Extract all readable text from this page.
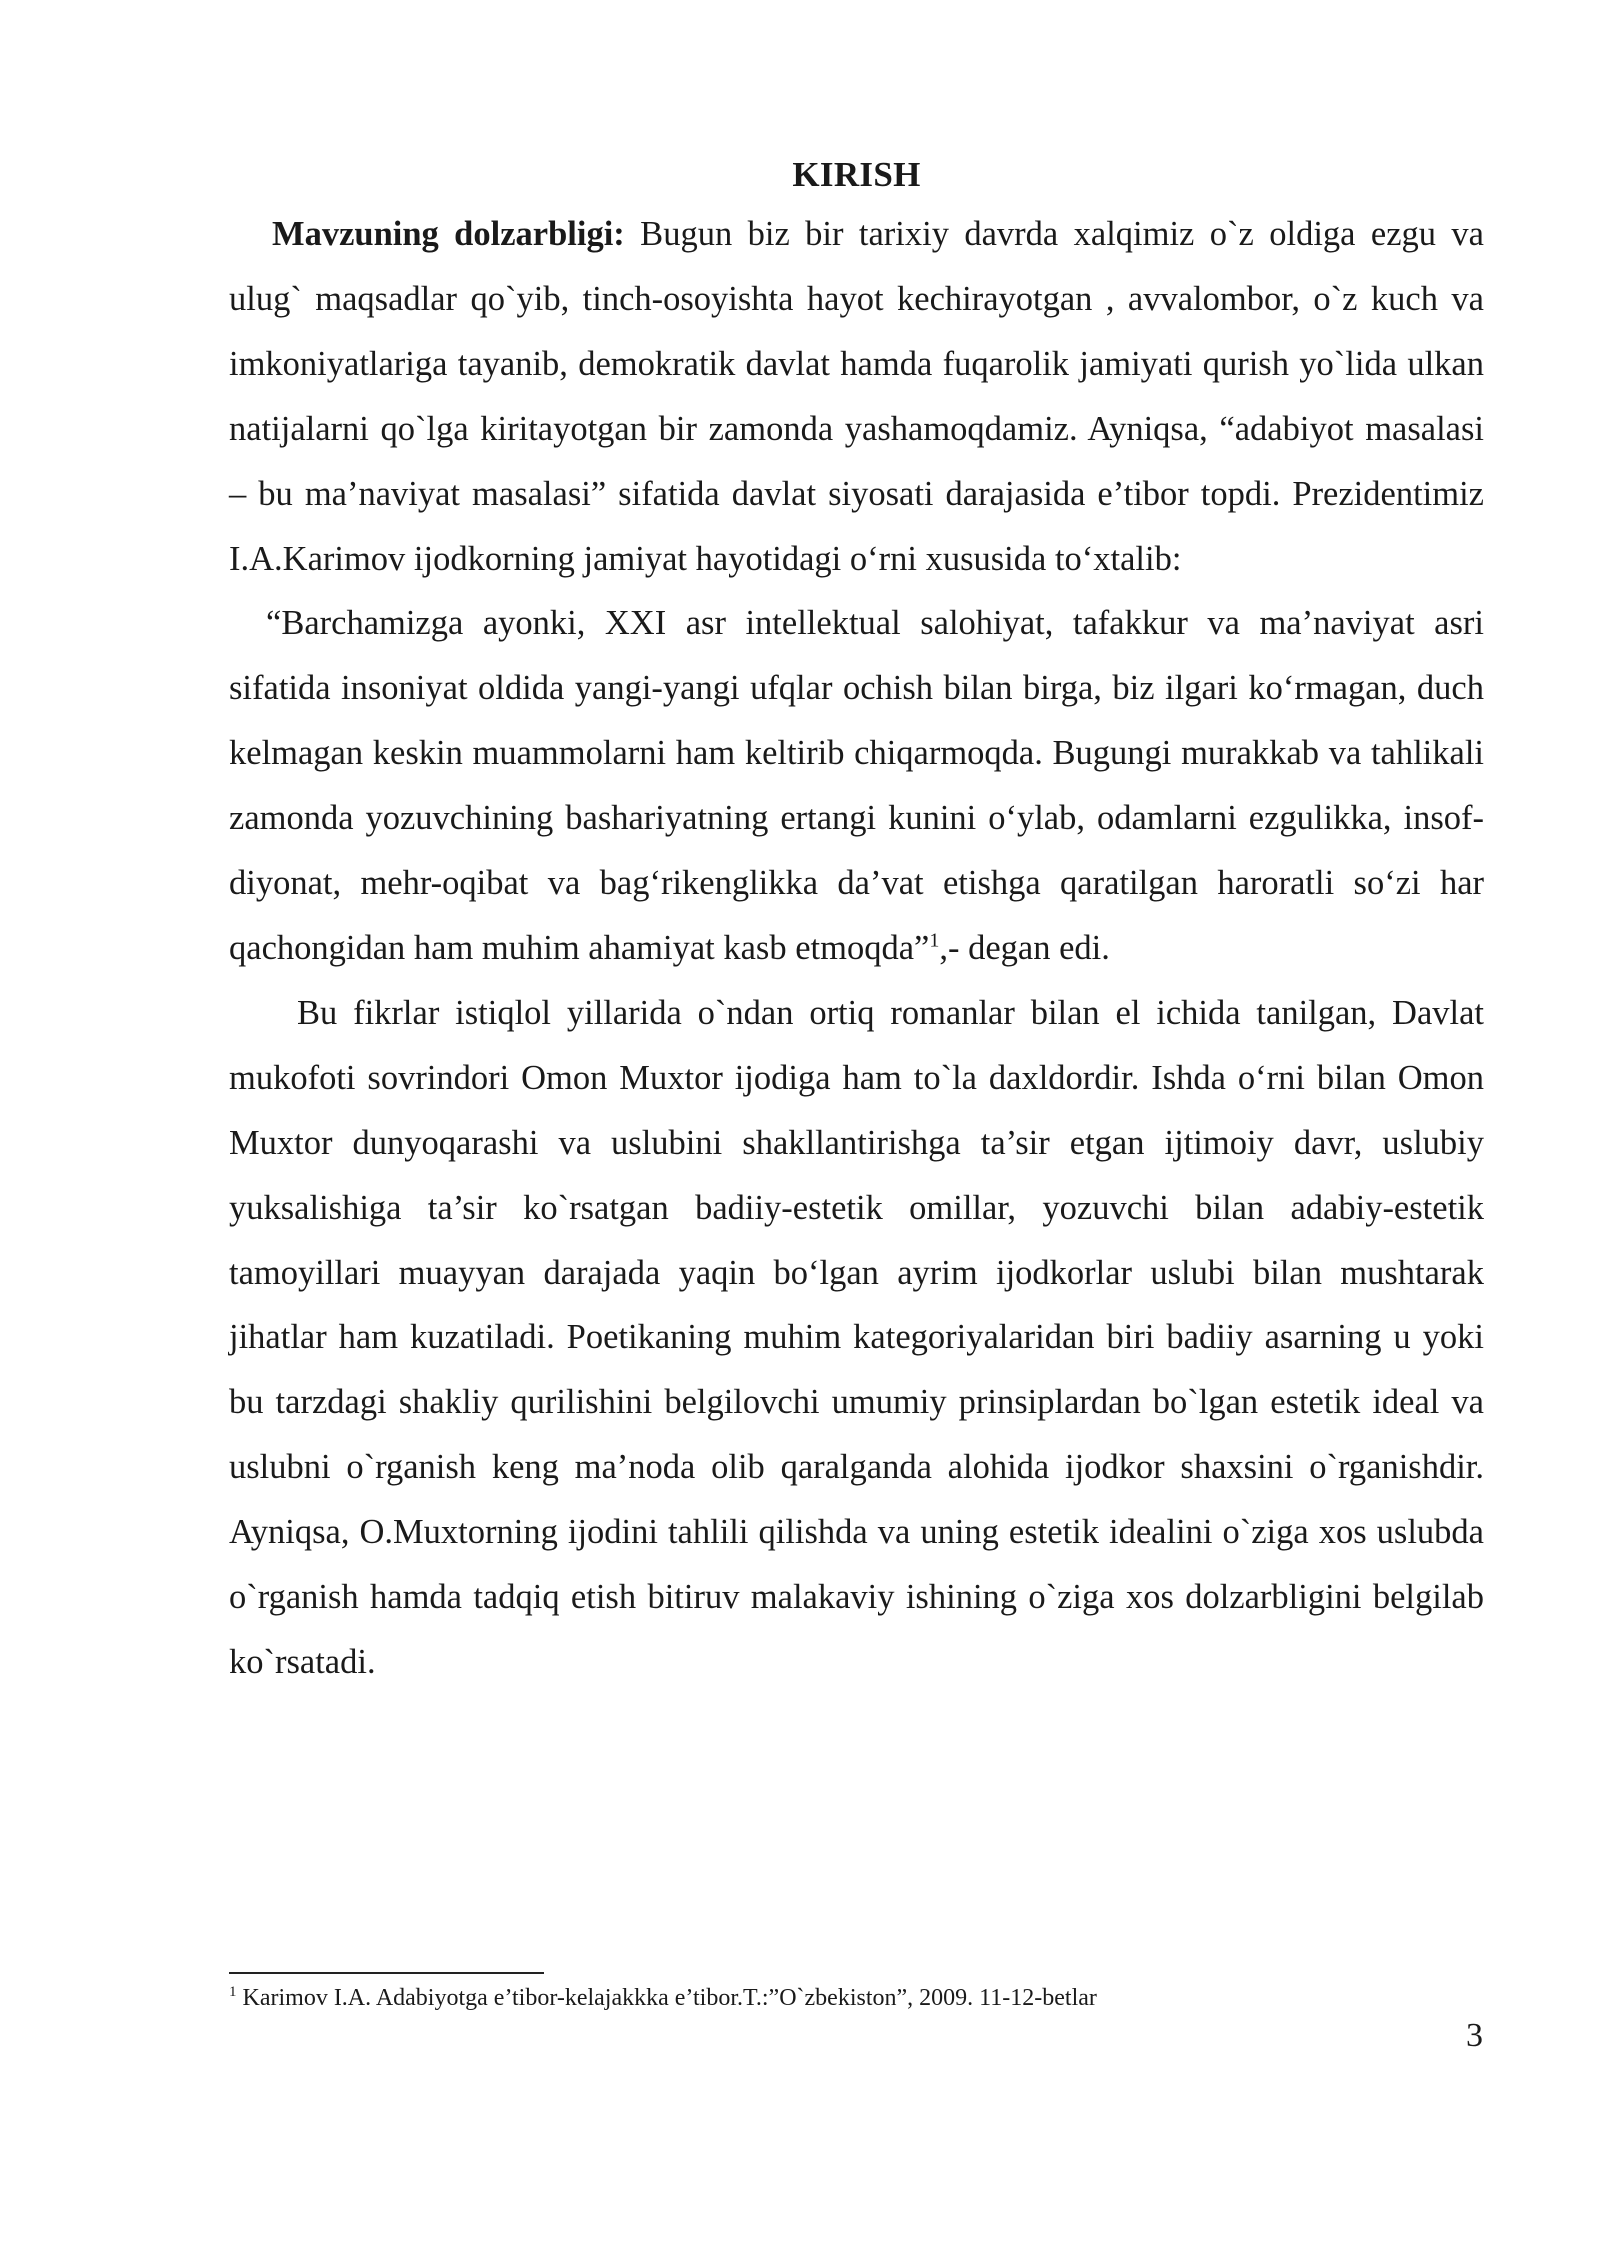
KIRISH

Mavzuning dolzarbligi: Bugun biz bir tarixiy davrda xalqimiz o`z oldiga ezgu va ulug` maqsadlar qo`yib, tinch-osoyishta hayot kechirayotgan , avvalombor, o`z kuch va imkoniyatlariga tayanib, demokratik davlat hamda fuqarolik jamiyati qurish yo`lida ulkan natijalarni qo`lga kiritayotgan bir zamonda yashamoqdamiz. Ayniqsa, “adabiyot masalasi – bu ma’naviyat masalasi” sifatida davlat siyosati darajasida e’tibor topdi. Prezidentimiz I.A.Karimov ijodkorning jamiyat hayotidagi o‘rni xususida to‘xtalib:

“Barchamizga ayonki, XXI asr intellektual salohiyat, tafakkur va ma’naviyat asri sifatida insoniyat oldida yangi-yangi ufqlar ochish bilan birga, biz ilgari ko‘rmagan, duch kelmagan keskin muammolarni ham keltirib chiqarmoqda. Bugungi murakkab va tahlikali zamonda yozuvchining bashariyatning ertangi kunini o‘ylab, odamlarni ezgulikka, insof-diyonat, mehr-oqibat va bag‘rikenglikka da’vat etishga qaratilgan haroratli so‘zi har qachongidan ham muhim ahamiyat kasb etmoqda”$^1$,- degan edi.

Bu fikrlar istiqlol yillarida o`ndan ortiq romanlar bilan el ichida tanilgan, Davlat mukofoti sovrindori Omon Muxtor ijodiga ham to`la daxldordir. Ishda o‘rni bilan Omon Muxtor dunyoqarashi va uslubini shakllantirishga ta’sir etgan ijtimoiy davr, uslubiy yuksalishiga ta’sir ko`rsatgan badiiy-estetik omillar, yozuvchi bilan adabiy-estetik tamoyillari muayyan darajada yaqin bo‘lgan ayrim ijodkorlar uslubi bilan mushtarak jihatlar ham kuzatiladi. Poetikaning muhim kategoriyalaridan biri badiiy asarning u yoki bu tarzdagi shakliy qurilishini belgilovchi umumiy prinsiplardan bo`lgan estetik ideal va uslubni o`rganish keng ma’noda olib qaralganda alohida ijodkor shaxsini o`rganishdir. Ayniqsa, O.Muxtorning ijodini tahlili qilishda va uning estetik idealini o`ziga xos uslubda o`rganish hamda tadqiq etish bitiruv malakaviy ishining o`ziga xos dolzarbligini belgilab ko`rsatadi.

$^1$ Karimov I.A. Adabiyotga e’tibor-kelajakkka e’tibor.T.:”O`zbekiston”, 2009. 11-12-betlar
3
